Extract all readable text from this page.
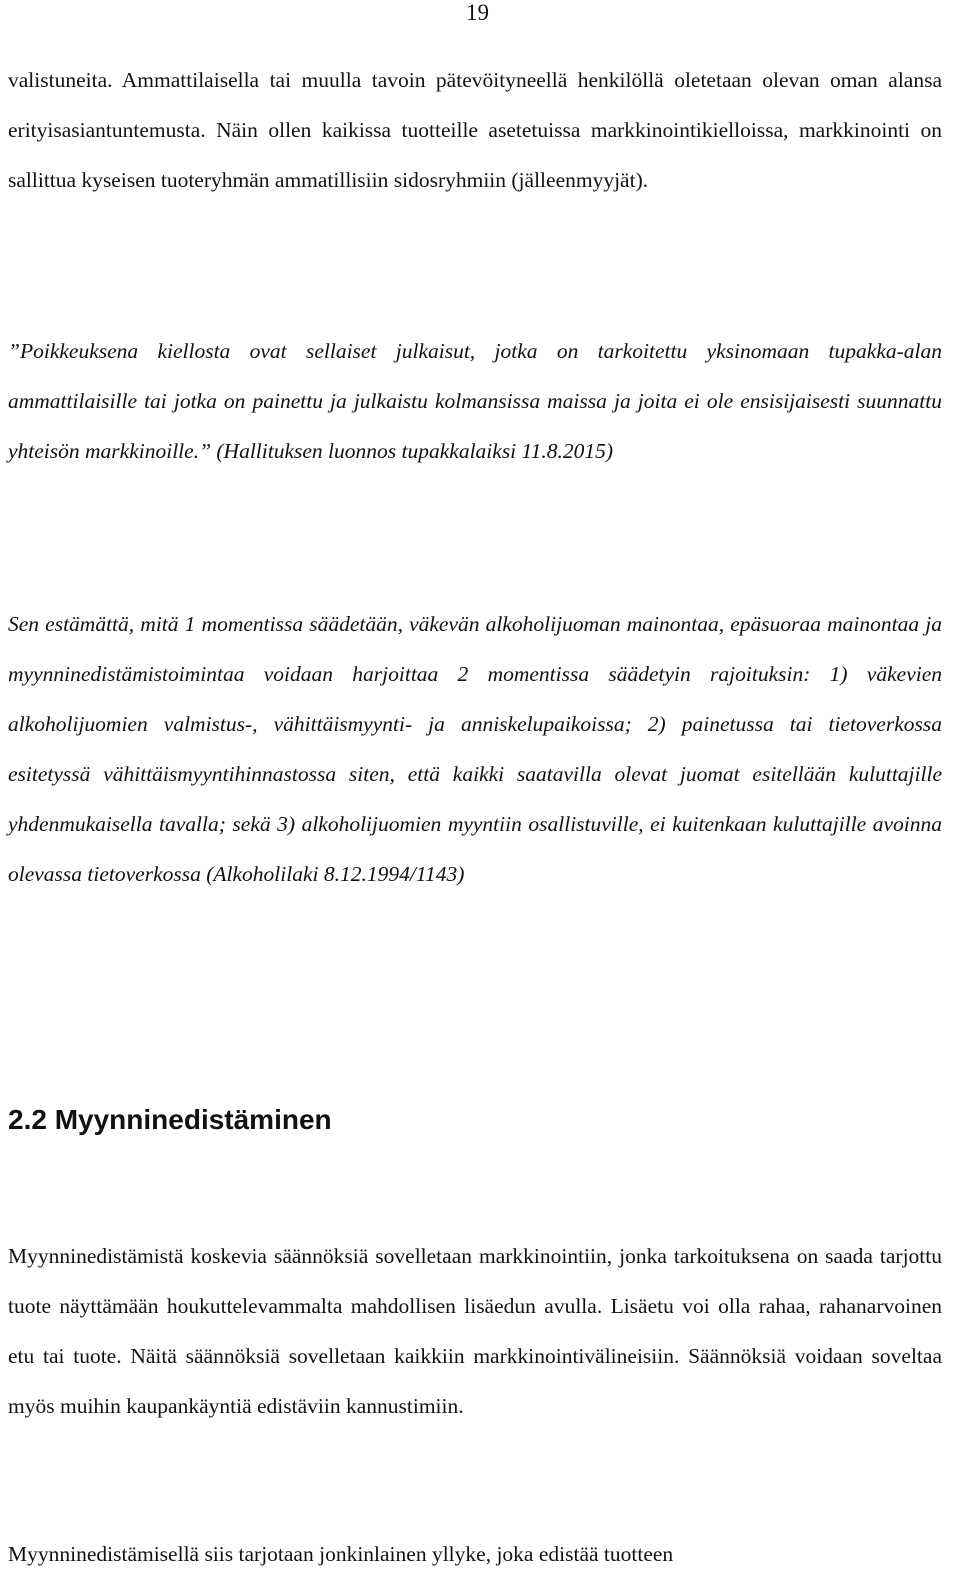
19

valistuneita. Ammattilaisella tai muulla tavoin pätevöityneellä henkilöllä oletetaan olevan oman alansa erityisasiantuntemusta. Näin ollen kaikissa tuotteille asetetuissa markkinointikielloissa, markkinointi on sallittua kyseisen tuoteryhmän ammatillisiin sidosryhmiin (jälleenmyyjät).

”Poikkeuksena kiellosta ovat sellaiset julkaisut, jotka on tarkoitettu yksinomaan tupakka-alan ammattilaisille tai jotka on painettu ja julkaistu kolmansissa maissa ja joita ei ole ensisijaisesti suunnattu yhteisön markkinoille.” (Hallituksen luonnos tupakkalaiksi 11.8.2015)

Sen estämättä, mitä 1 momentissa säädetään, väkevän alkoholijuoman mainontaa, epäsuoraa mainontaa ja myynninedistämistoimintaa voidaan harjoittaa 2 momentissa säädetyin rajoituksin: 1) väkevien alkoholijuomien valmistus-, vähittäismyynti- ja anniskelupaikoissa; 2) painetussa tai tietoverkossa esitetyssä vähittäismyyntihinnastossa siten, että kaikki saatavilla olevat juomat esitellään kuluttajille yhdenmukaisella tavalla; sekä 3) alkoholijuomien myyntiin osallistuville, ei kuitenkaan kuluttajille avoinna olevassa tietoverkossa (Alkoholilaki 8.12.1994/1143)

2.2 Myynninedistäminen

Myynninedistämistä koskevia säännöksiä sovelletaan markkinointiin, jonka tarkoituksena on saada tarjottu tuote näyttämään houkuttelevammalta mahdollisen lisäedun avulla. Lisäetu voi olla rahaa, rahanarvoinen etu tai tuote. Näitä säännöksiä sovelletaan kaikkiin markkinointivälineisiin. Säännöksiä voidaan soveltaa myös muihin kaupankäyntiä edistäviin kannustimiin.

Myynninedistämisellä siis tarjotaan jonkinlainen yllyke, joka edistää tuotteen
